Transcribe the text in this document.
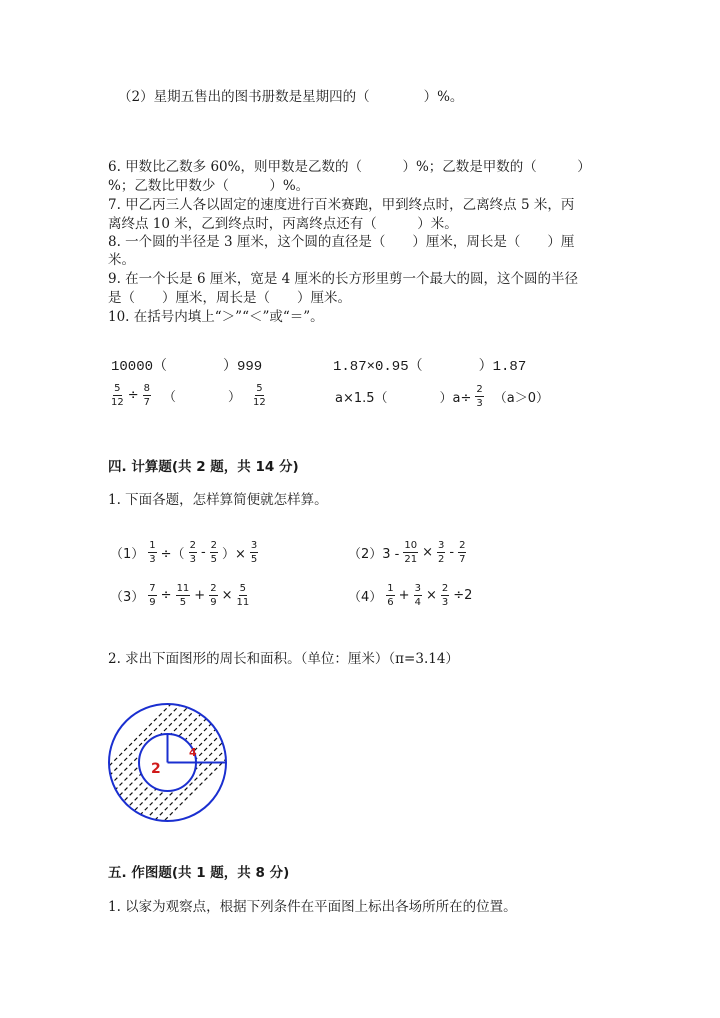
（2）星期五售出的图书册数是星期四的（　　　　）%。
6. 甲数比乙数多 60%，则甲数是乙数的（　　　）%；乙数是甲数的（　　　）
%；乙数比甲数少（　　　）%。
7. 甲乙丙三人各以固定的速度进行百米赛跑，甲到终点时，乙离终点 5 米，丙
离终点 10 米，乙到终点时，丙离终点还有（　　　）米。
8. 一个圆的半径是 3 厘米，这个圆的直径是（　　）厘米，周长是（　　）厘
米。
9. 在一个长是 6 厘米，宽是 4 厘米的长方形里剪一个最大的圆，这个圆的半径
是（　　）厘米，周长是（　　）厘米。
10. 在括号内填上“＞”“＜”或“＝”。
10000（　　　　）999	1.87×0.95（　　　　）1.87
$\frac{5}{12} \div \frac{8}{7}$ （　　　　） $\frac{5}{12}$	a×1.5（　　　　）$a\div \frac{2}{3} (a>0)$
四. 计算题(共 2 题，共 14 分)
1. 下面各题，怎样算简便就怎样算。
$(1) \frac{1}{3}$ ÷（ $\frac{2}{3} - \frac{2}{5}$ ）× $\frac{3}{5}$	$(2)3 - \frac{10}{21} \times \frac{3}{2} - \frac{2}{7}$
$(3) \frac{7}{9} \div \frac{11}{5} + \frac{2}{9} \times \frac{5}{11}$	$(4) \frac{1}{6} + \frac{3}{4} \times \frac{2}{3} \div 2$
2. 求出下面图形的周长和面积。（单位：厘米）（π=3.14）
2
4
五. 作图题(共 1 题，共 8 分)
1. 以家为观察点，根据下列条件在平面图上标出各场所所在的位置。
